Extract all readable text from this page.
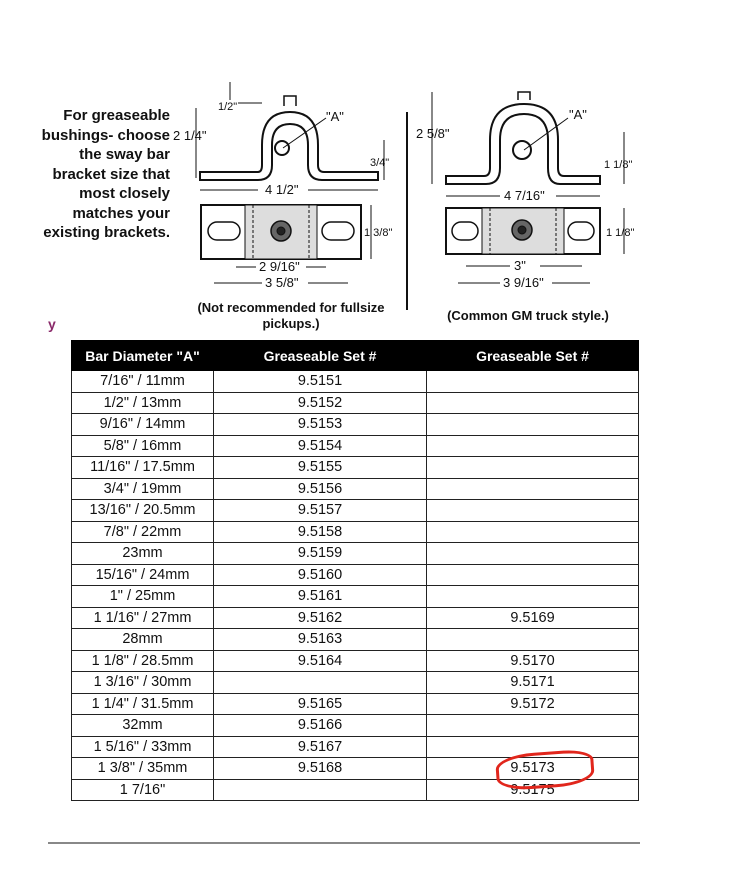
For greaseable bushings- choose the sway bar bracket size that most closely matches your existing brackets.
y
"A"
1/2"
2 1/4"
3/4"
4 1/2"
1 3/8"
2 9/16"
3 5/8"
"A"
2 5/8"
1 1/8"
4 7/16"
1 1/8"
3"
3 9/16"
(Not recommended for fullsize pickups.)
(Common GM truck style.)
Bar Diameter "A"	Greaseable Set #	Greaseable Set #
7/16" / 11mm	9.5151	
1/2" / 13mm	9.5152	
9/16" / 14mm	9.5153	
5/8" / 16mm	9.5154	
11/16" / 17.5mm	9.5155	
3/4" / 19mm	9.5156	
13/16" / 20.5mm	9.5157	
7/8" / 22mm	9.5158	
23mm	9.5159	
15/16" / 24mm	9.5160	
1" / 25mm	9.5161	
1 1/16" / 27mm	9.5162	9.5169
28mm	9.5163	
1 1/8" / 28.5mm	9.5164	9.5170
1 3/16" / 30mm		9.5171
1 1/4" / 31.5mm	9.5165	9.5172
32mm	9.5166	
1 5/16" / 33mm	9.5167	
1 3/8" / 35mm	9.5168	9.5173

1 7/16"		9.5175
